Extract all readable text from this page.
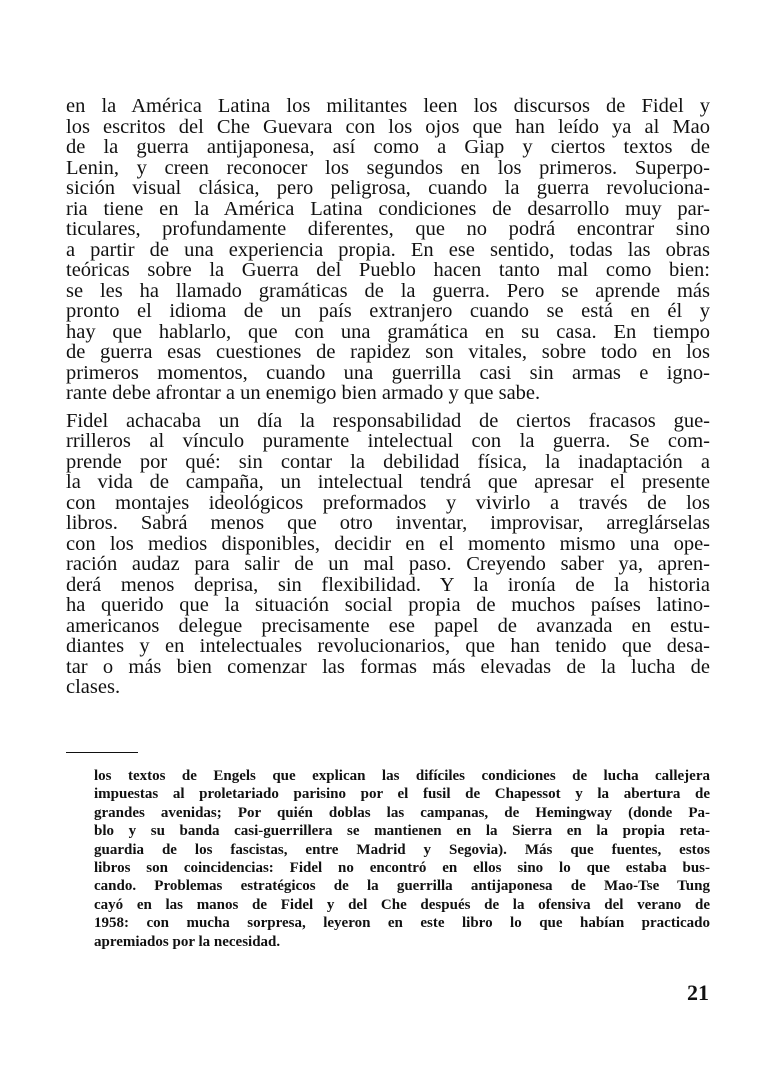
en la América Latina los militantes leen los discursos de Fidel y
los escritos del Che Guevara con los ojos que han leído ya al Mao
de la guerra antijaponesa, así como a Giap y ciertos textos de
Lenin, y creen reconocer los segundos en los primeros. Superpo-
sición visual clásica, pero peligrosa, cuando la guerra revoluciona-
ria tiene en la América Latina condiciones de desarrollo muy par-
ticulares, profundamente diferentes, que no podrá encontrar sino
a partir de una experiencia propia. En ese sentido, todas las obras
teóricas sobre la Guerra del Pueblo hacen tanto mal como bien:
se les ha llamado gramáticas de la guerra. Pero se aprende más
pronto el idioma de un país extranjero cuando se está en él y
hay que hablarlo, que con una gramática en su casa. En tiempo
de guerra esas cuestiones de rapidez son vitales, sobre todo en los
primeros momentos, cuando una guerrilla casi sin armas e igno-
rante debe afrontar a un enemigo bien armado y que sabe.
Fidel achacaba un día la responsabilidad de ciertos fracasos gue-
rrilleros al vínculo puramente intelectual con la guerra. Se com-
prende por qué: sin contar la debilidad física, la inadaptación a
la vida de campaña, un intelectual tendrá que apresar el presente
con montajes ideológicos preformados y vivirlo a través de los
libros. Sabrá menos que otro inventar, improvisar, arreglárselas
con los medios disponibles, decidir en el momento mismo una ope-
ración audaz para salir de un mal paso. Creyendo saber ya, apren-
derá menos deprisa, sin flexibilidad. Y la ironía de la historia
ha querido que la situación social propia de muchos países latino-
americanos delegue precisamente ese papel de avanzada en estu-
diantes y en intelectuales revolucionarios, que han tenido que desa-
tar o más bien comenzar las formas más elevadas de la lucha de
clases.
los textos de Engels que explican las difíciles condiciones de lucha callejera
impuestas al proletariado parisino por el fusil de Chapessot y la abertura de
grandes avenidas; Por quién doblas las campanas, de Hemingway (donde Pa-
blo y su banda casi-guerrillera se mantienen en la Sierra en la propia reta-
guardia de los fascistas, entre Madrid y Segovia). Más que fuentes, estos
libros son coincidencias: Fidel no encontró en ellos sino lo que estaba bus-
cando. Problemas estratégicos de la guerrilla antijaponesa de Mao-Tse Tung
cayó en las manos de Fidel y del Che después de la ofensiva del verano de
1958: con mucha sorpresa, leyeron en este libro lo que habían practicado
apremiados por la necesidad.
21
